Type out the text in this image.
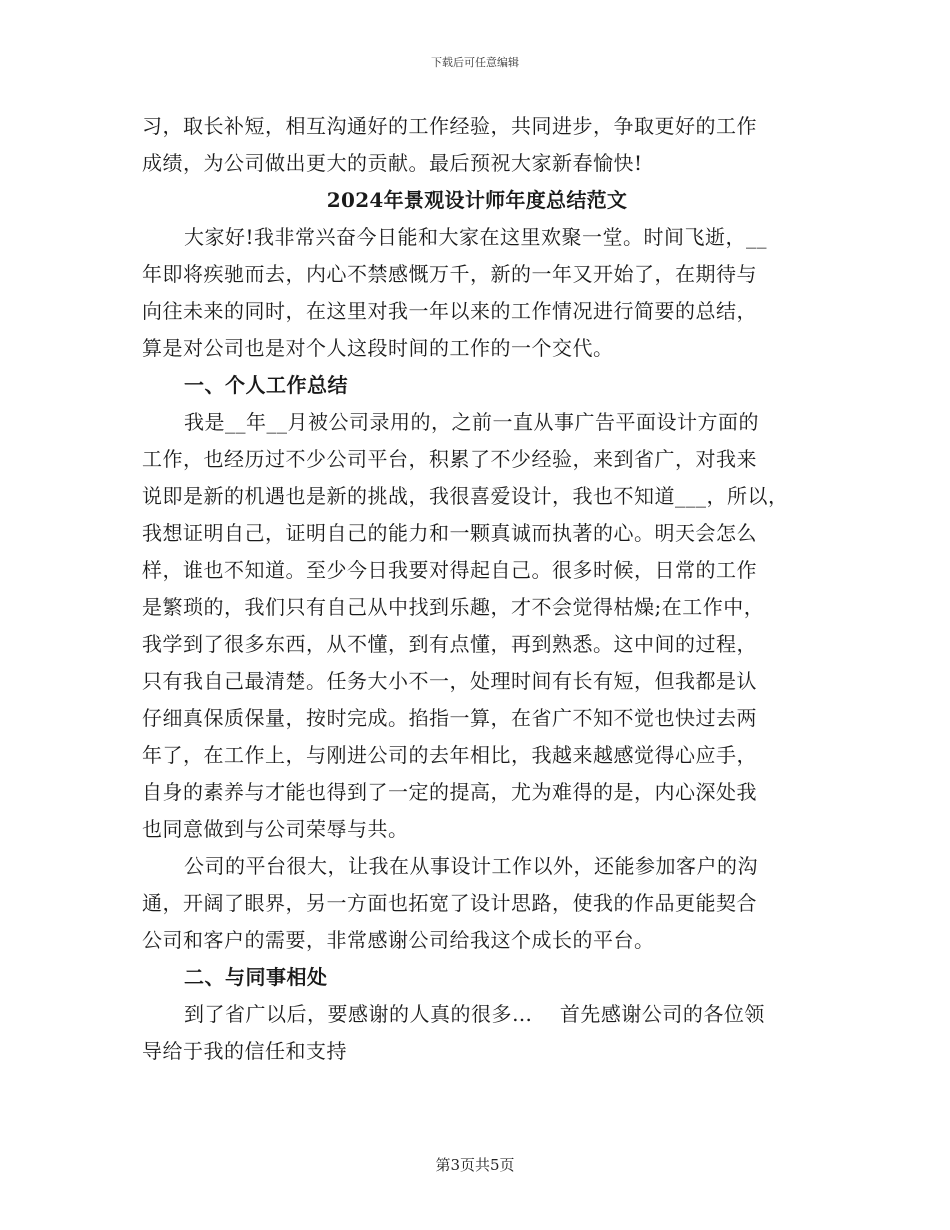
下载后可任意编辑
习，取长补短，相互沟通好的工作经验，共同进步，争取更好的工作
成绩，为公司做出更大的贡献。最后预祝大家新春愉快!
2024年景观设计师年度总结范文
大家好!我非常兴奋今日能和大家在这里欢聚一堂。时间飞逝，__
年即将疾驰而去，内心不禁感慨万千，新的一年又开始了，在期待与
向往未来的同时，在这里对我一年以来的工作情况进行简要的总结，
算是对公司也是对个人这段时间的工作的一个交代。
一、个人工作总结
我是__年__月被公司录用的，之前一直从事广告平面设计方面的
工作，也经历过不少公司平台，积累了不少经验，来到省广，对我来
说即是新的机遇也是新的挑战，我很喜爱设计，我也不知道___，所以，
我想证明自己，证明自己的能力和一颗真诚而执著的心。明天会怎么
样，谁也不知道。至少今日我要对得起自己。很多时候，日常的工作
是繁琐的，我们只有自己从中找到乐趣，才不会觉得枯燥;在工作中，
我学到了很多东西，从不懂，到有点懂，再到熟悉。这中间的过程，
只有我自己最清楚。任务大小不一，处理时间有长有短，但我都是认
仔细真保质保量，按时完成。掐指一算，在省广不知不觉也快过去两
年了，在工作上，与刚进公司的去年相比，我越来越感觉得心应手，
自身的素养与才能也得到了一定的提高，尤为难得的是，内心深处我
也同意做到与公司荣辱与共。
公司的平台很大，让我在从事设计工作以外，还能参加客户的沟
通，开阔了眼界，另一方面也拓宽了设计思路，使我的作品更能契合
公司和客户的需要，非常感谢公司给我这个成长的平台。
二、与同事相处
到了省广以后，要感谢的人真的很多…    首先感谢公司的各位领
导给于我的信任和支持
第3页共5页
